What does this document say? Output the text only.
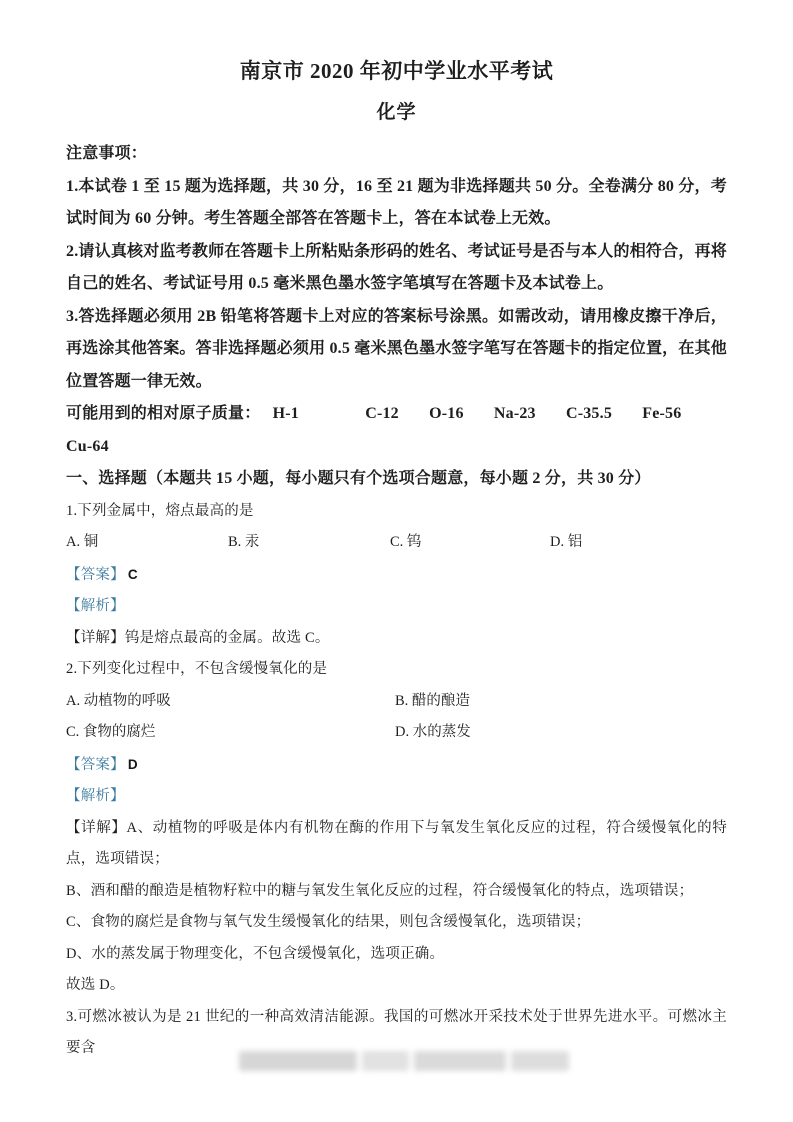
南京市 2020 年初中学业水平考试
化学

注意事项：

1.本试卷 1 至 15 题为选择题，共 30 分，16 至 21 题为非选择题共 50 分。全卷满分 80 分，考试时间为 60 分钟。考生答题全部答在答题卡上，答在本试卷上无效。

2.请认真核对监考教师在答题卡上所粘贴条形码的姓名、考试证号是否与本人的相符合，再将自己的姓名、考试证号用 0.5 毫米黑色墨水签字笔填写在答题卡及本试卷上。

3.答选择题必须用 2B 铅笔将答题卡上对应的答案标号涂黑。如需改动，请用橡皮擦干净后，再选涂其他答案。答非选择题必须用 0.5 毫米黑色墨水签字笔写在答题卡的指定位置，在其他位置答题一律无效。

可能用到的相对原子质量： H-1	C-12 O-16 Na-23 C-35.5 Fe-56

Cu-64

一、选择题（本题共 15 小题，每小题只有个选项合题意，每小题 2 分，共 30 分）

1.下列金属中，熔点最高的是

A. 铜	B. 汞	C. 钨	D. 铝

【答案】 C

【解析】

【详解】钨是熔点最高的金属。故选 C。

2.下列变化过程中，不包含缓慢氧化的是

A. 动植物的呼吸	B. 醋的酿造
C. 食物的腐烂	D. 水的蒸发

【答案】 D

【解析】

【详解】A、动植物的呼吸是体内有机物在酶的作用下与氧发生氧化反应的过程，符合缓慢氧化的特点，选项错误；

B、酒和醋的酿造是植物籽粒中的糖与氧发生氧化反应的过程，符合缓慢氧化的特点，选项错误；

C、食物的腐烂是食物与氧气发生缓慢氧化的结果，则包含缓慢氧化，选项错误；

D、水的蒸发属于物理变化，不包含缓慢氧化，选项正确。

故选 D。

3.可燃冰被认为是 21 世纪的一种高效清洁能源。我国的可燃冰开采技术处于世界先进水平。可燃冰主要含
